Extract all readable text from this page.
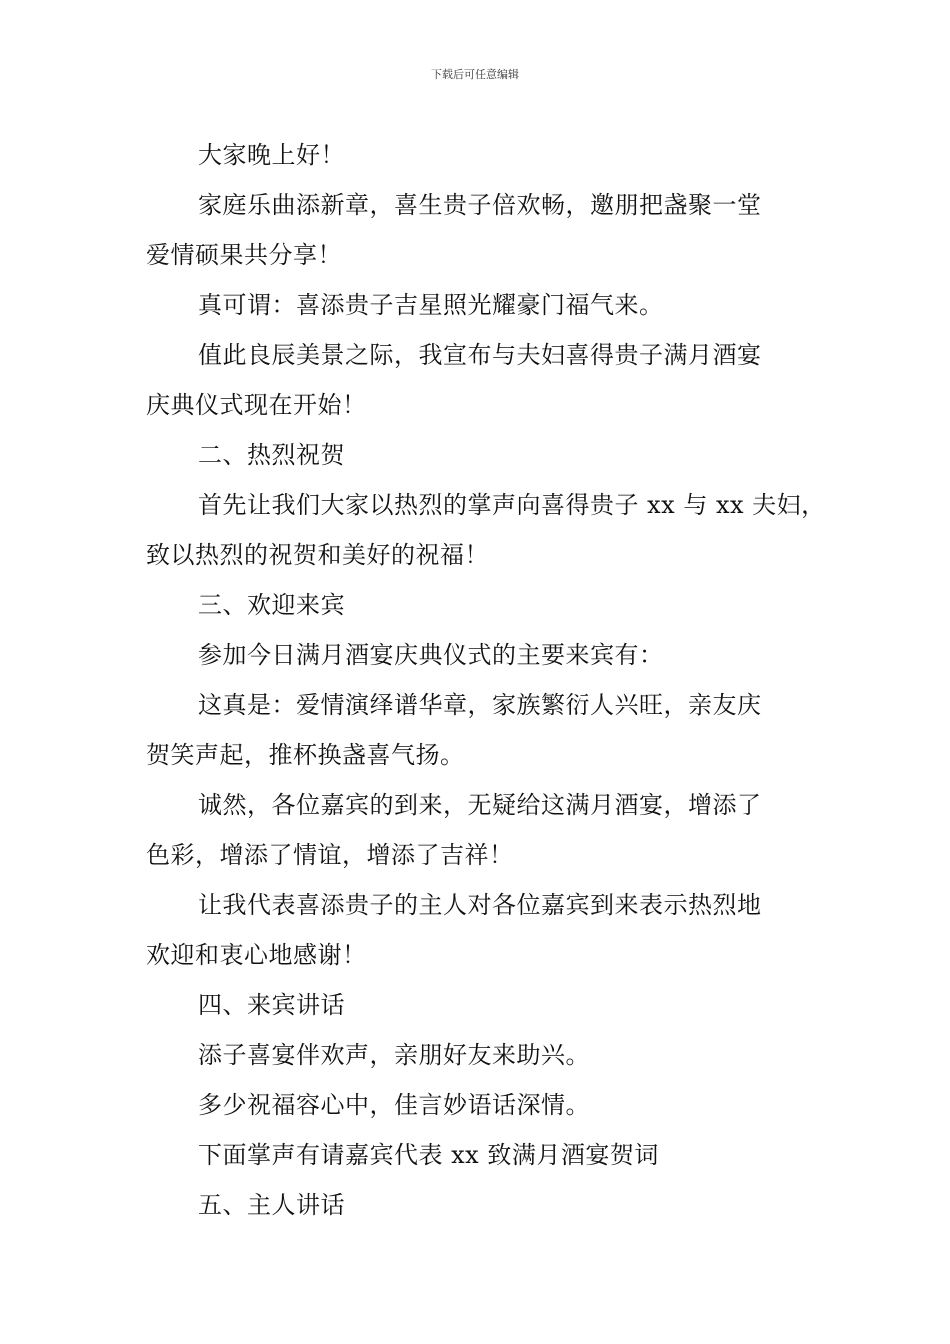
下载后可任意编辑
大家晚上好！
家庭乐曲添新章，喜生贵子倍欢畅，邀朋把盏聚一堂
爱情硕果共分享！
真可谓：喜添贵子吉星照光耀豪门福气来。
值此良辰美景之际，我宣布与夫妇喜得贵子满月酒宴
庆典仪式现在开始！
二、热烈祝贺
首先让我们大家以热烈的掌声向喜得贵子 xx 与 xx 夫妇，
致以热烈的祝贺和美好的祝福！
三、欢迎来宾
参加今日满月酒宴庆典仪式的主要来宾有：
这真是：爱情演绎谱华章，家族繁衍人兴旺，亲友庆
贺笑声起，推杯换盏喜气扬。
诚然，各位嘉宾的到来，无疑给这满月酒宴，增添了
色彩，增添了情谊，增添了吉祥！
让我代表喜添贵子的主人对各位嘉宾到来表示热烈地
欢迎和衷心地感谢！
四、来宾讲话
添子喜宴伴欢声，亲朋好友来助兴。
多少祝福容心中，佳言妙语话深情。
下面掌声有请嘉宾代表 xx 致满月酒宴贺词
五、主人讲话
